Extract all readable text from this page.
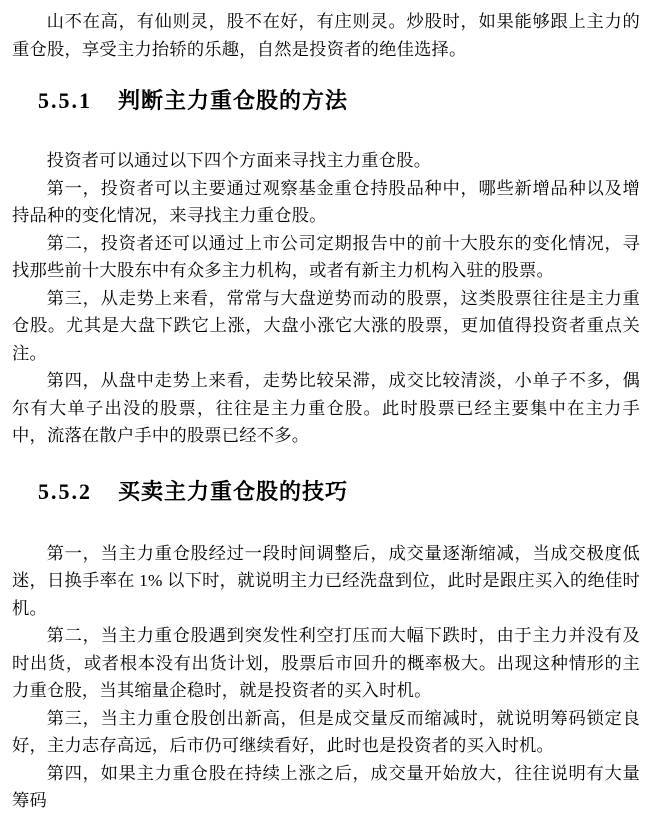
山不在高，有仙则灵，股不在好，有庄则灵。炒股时，如果能够跟上主力的重仓股，享受主力抬轿的乐趣，自然是投资者的绝佳选择。

5.5.1 判断主力重仓股的方法

投资者可以通过以下四个方面来寻找主力重仓股。

第一，投资者可以主要通过观察基金重仓持股品种中，哪些新增品种以及增持品种的变化情况，来寻找主力重仓股。

第二，投资者还可以通过上市公司定期报告中的前十大股东的变化情况，寻找那些前十大股东中有众多主力机构，或者有新主力机构入驻的股票。

第三，从走势上来看，常常与大盘逆势而动的股票，这类股票往往是主力重仓股。尤其是大盘下跌它上涨，大盘小涨它大涨的股票，更加值得投资者重点关注。

第四，从盘中走势上来看，走势比较呆滞，成交比较清淡，小单子不多，偶尔有大单子出没的股票，往往是主力重仓股。此时股票已经主要集中在主力手中，流落在散户手中的股票已经不多。

5.5.2 买卖主力重仓股的技巧

第一，当主力重仓股经过一段时间调整后，成交量逐渐缩减，当成交极度低迷，日换手率在 1% 以下时，就说明主力已经洗盘到位，此时是跟庄买入的绝佳时机。

第二，当主力重仓股遇到突发性利空打压而大幅下跌时，由于主力并没有及时出货，或者根本没有出货计划，股票后市回升的概率极大。出现这种情形的主力重仓股，当其缩量企稳时，就是投资者的买入时机。

第三，当主力重仓股创出新高，但是成交量反而缩减时，就说明筹码锁定良好，主力志存高远，后市仍可继续看好，此时也是投资者的买入时机。

第四，如果主力重仓股在持续上涨之后，成交量开始放大，往往说明有大量筹码
